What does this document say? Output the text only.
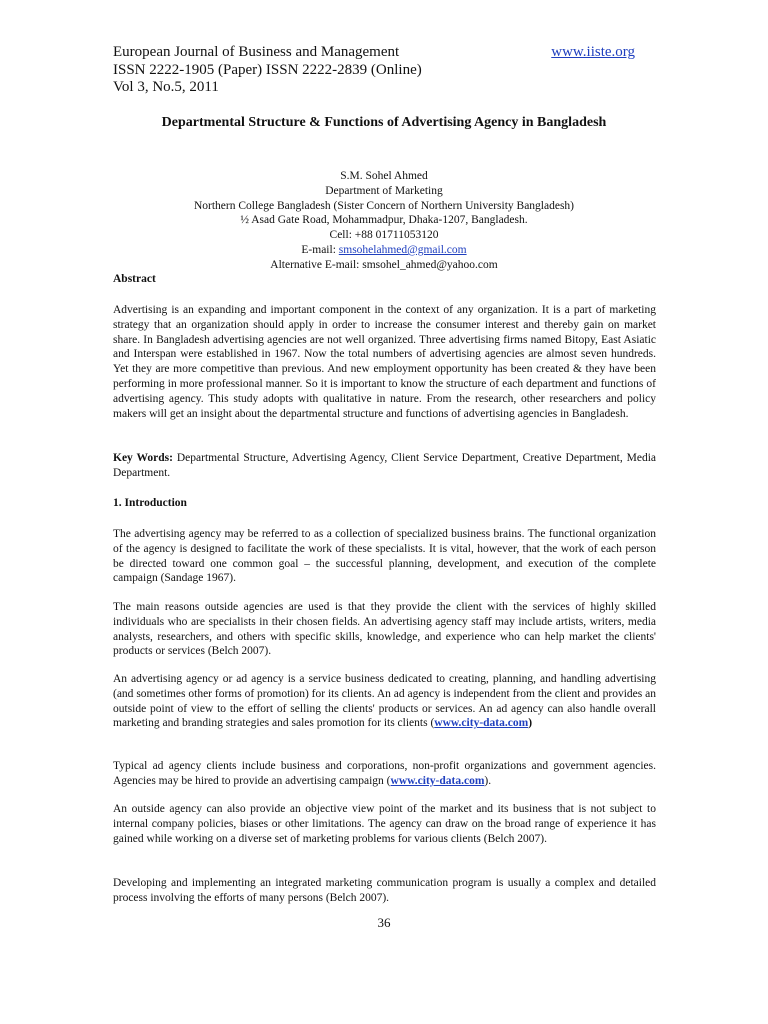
European Journal of Business and Management	www.iiste.org
ISSN 2222-1905 (Paper) ISSN 2222-2839 (Online)
Vol 3, No.5, 2011
Departmental Structure & Functions of Advertising Agency in Bangladesh
S.M. Sohel Ahmed
Department of Marketing
Northern College Bangladesh (Sister Concern of Northern University Bangladesh)
½ Asad Gate Road, Mohammadpur, Dhaka-1207, Bangladesh.
Cell: +88 01711053120
E-mail: smsohelahmed@gmail.com
Alternative E-mail: smsohel_ahmed@yahoo.com
Abstract
Advertising is an expanding and important component in the context of any organization. It is a part of marketing strategy that an organization should apply in order to increase the consumer interest and thereby gain on market share. In Bangladesh advertising agencies are not well organized. Three advertising firms named Bitopy, East Asiatic and Interspan were established in 1967. Now the total numbers of advertising agencies are almost seven hundreds. Yet they are more competitive than previous. And new employment opportunity has been created & they have been performing in more professional manner. So it is important to know the structure of each department and functions of advertising agency. This study adopts with qualitative in nature. From the research, other researchers and policy makers will get an insight about the departmental structure and functions of advertising agencies in Bangladesh.
Key Words: Departmental Structure, Advertising Agency, Client Service Department, Creative Department, Media Department.
1. Introduction
The advertising agency may be referred to as a collection of specialized business brains. The functional organization of the agency is designed to facilitate the work of these specialists. It is vital, however, that the work of each person be directed toward one common goal – the successful planning, development, and execution of the complete campaign (Sandage 1967).
The main reasons outside agencies are used is that they provide the client with the services of highly skilled individuals who are specialists in their chosen fields. An advertising agency staff may include artists, writers, media analysts, researchers, and others with specific skills, knowledge, and experience who can help market the clients' products or services (Belch 2007).
An advertising agency or ad agency is a service business dedicated to creating, planning, and handling advertising (and sometimes other forms of promotion) for its clients. An ad agency is independent from the client and provides an outside point of view to the effort of selling the clients' products or services. An ad agency can also handle overall marketing and branding strategies and sales promotion for its clients (www.city-data.com)
Typical ad agency clients include business and corporations, non-profit organizations and government agencies. Agencies may be hired to provide an advertising campaign (www.city-data.com).
An outside agency can also provide an objective view point of the market and its business that is not subject to internal company policies, biases or other limitations. The agency can draw on the broad range of experience it has gained while working on a diverse set of marketing problems for various clients (Belch 2007).
Developing and implementing an integrated marketing communication program is usually a complex and detailed process involving the efforts of many persons (Belch 2007).
36
